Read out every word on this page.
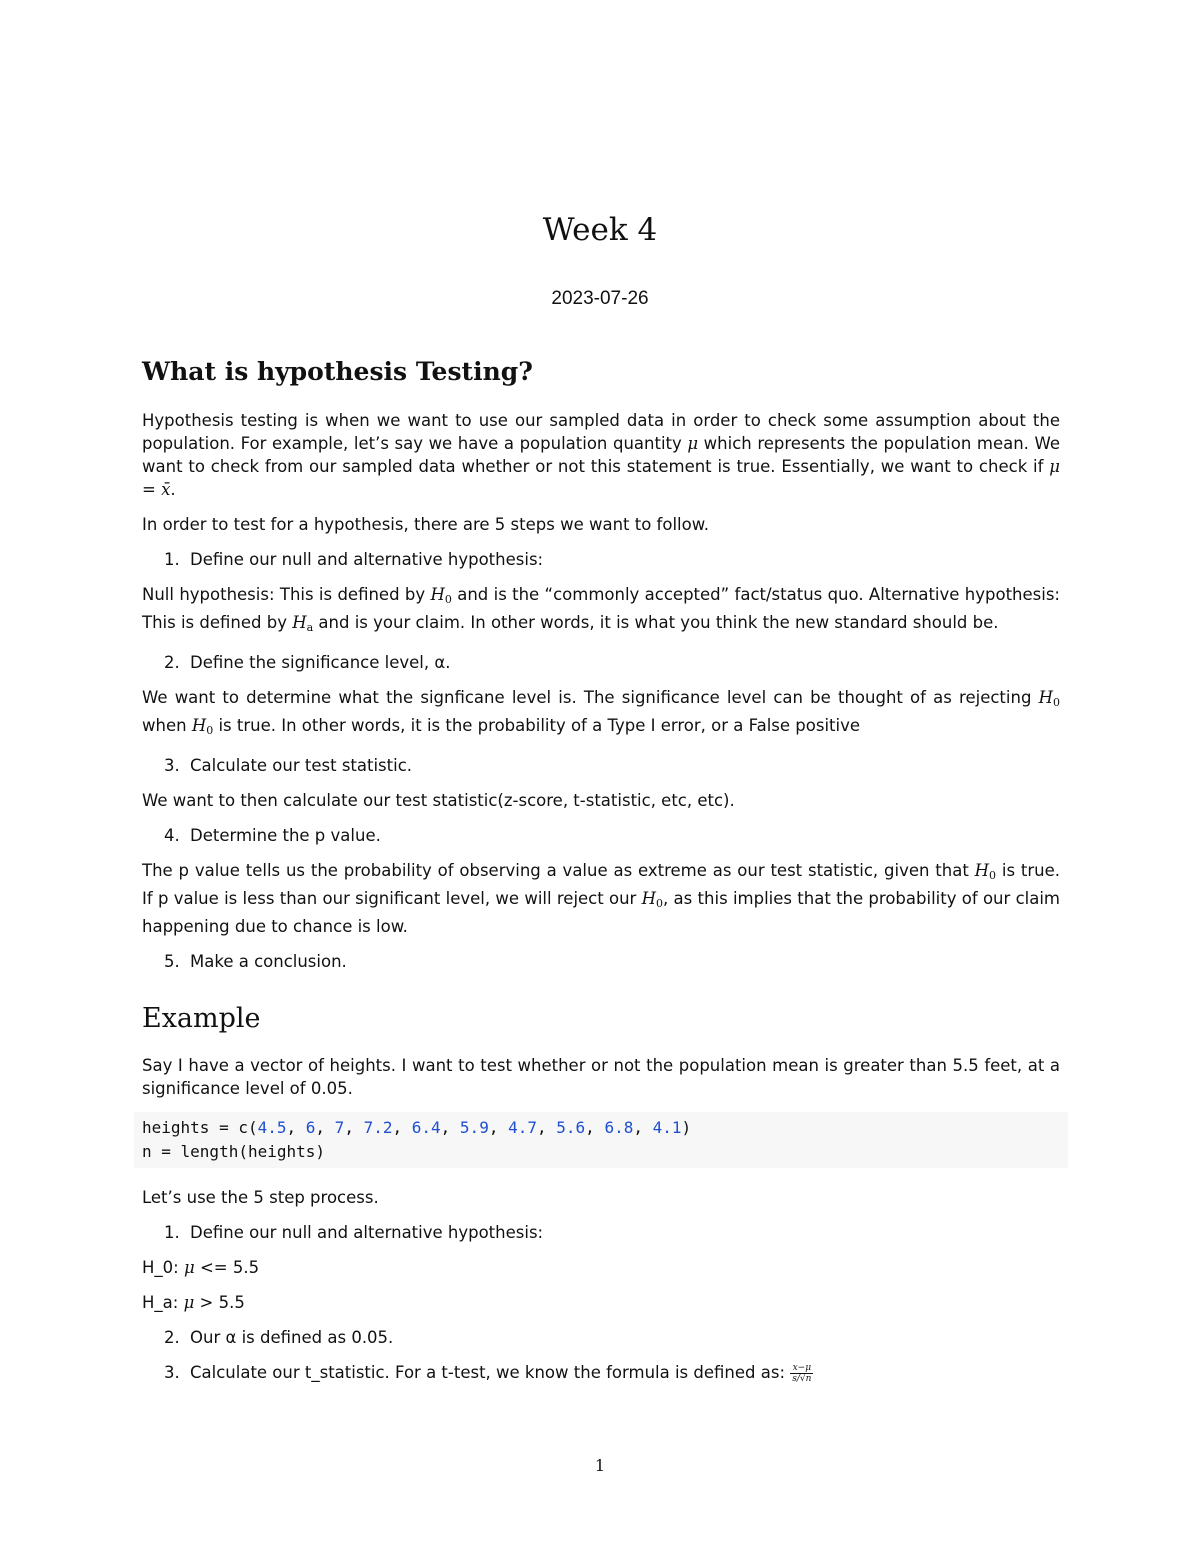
Week 4
2023-07-26
What is hypothesis Testing?

Hypothesis testing is when we want to use our sampled data in order to check some assumption about the population. For example, let’s say we have a population quantity μ which represents the population mean. We want to check from our sampled data whether or not this statement is true. Essentially, we want to check if μ = x̄.

In order to test for a hypothesis, there are 5 steps we want to follow.

1. Define our null and alternative hypothesis:

Null hypothesis: This is defined by $H_0$ and is the “commonly accepted” fact/status quo. Alternative hypothesis: This is defined by $H_a$ and is your claim. In other words, it is what you think the new standard should be.

2. Define the significance level, α.

We want to determine what the signficane level is. The significance level can be thought of as rejecting $H_0$ when $H_0$ is true. In other words, it is the probability of a Type I error, or a False positive

3. Calculate our test statistic.

We want to then calculate our test statistic(z-score, t-statistic, etc, etc).

4. Determine the p value.

The p value tells us the probability of observing a value as extreme as our test statistic, given that $H_0$ is true. If p value is less than our significant level, we will reject our $H_0$, as this implies that the probability of our claim happening due to chance is low.

5. Make a conclusion.
Example

Say I have a vector of heights. I want to test whether or not the population mean is greater than 5.5 feet, at a significance level of 0.05.

heights = c(4.5, 6, 7, 7.2, 6.4, 5.9, 4.7, 5.6, 6.8, 4.1)
n = length(heights)

Let’s use the 5 step process.

1. Define our null and alternative hypothesis:

H_0: μ <= 5.5

H_a: μ > 5.5

2. Our α is defined as 0.05.
3. Calculate our t_statistic. For a t-test, we know the formula is defined as: $\frac{x-\mu}{s/√n}$
1
